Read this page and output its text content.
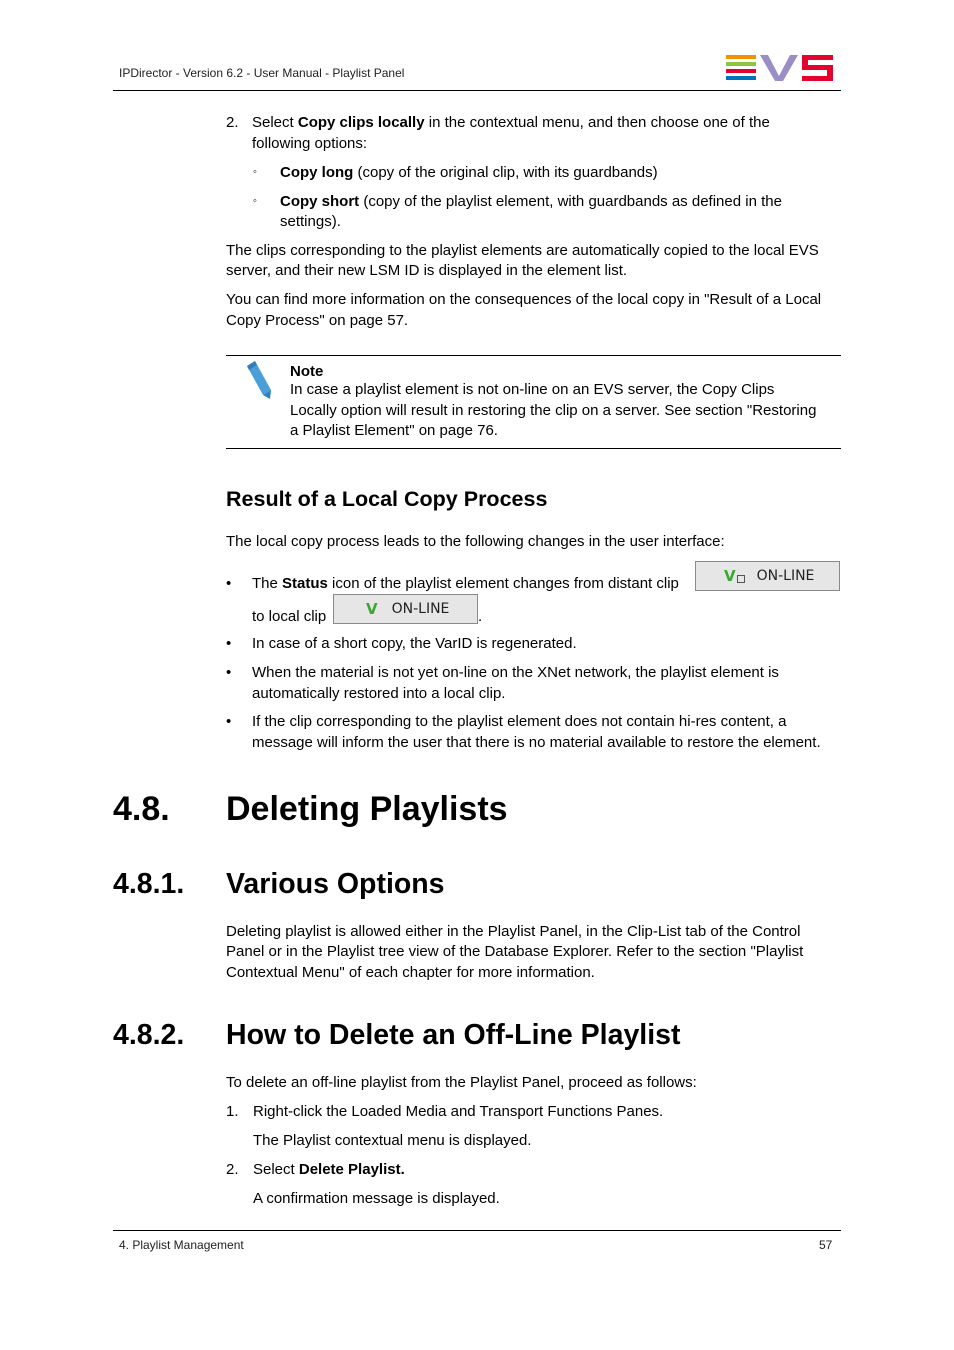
IPDirector - Version 6.2 - User Manual - Playlist Panel
2. Select Copy clips locally in the contextual menu, and then choose one of the
following options:
◦ Copy long (copy of the original clip, with its guardbands)
◦ Copy short (copy of the playlist element, with guardbands as defined in the
settings).
The clips corresponding to the playlist elements are automatically copied to the local EVS
server, and their new LSM ID is displayed in the element list.
You can find more information on the consequences of the local copy in "Result of a Local
Copy Process" on page 57.
Note
In case a playlist element is not on-line on an EVS server, the Copy Clips
Locally option will result in restoring the clip on a server. See section "Restoring
a Playlist Element" on page 76.
Result of a Local Copy Process
The local copy process leads to the following changes in the user interface:
• The Status icon of the playlist element changes from distant clip	V ON-LINE
to local clip	V ON-LINE .
• In case of a short copy, the VarID is regenerated.
• When the material is not yet on-line on the XNet network, the playlist element is
automatically restored into a local clip.
• If the clip corresponding to the playlist element does not contain hi-res content, a
message will inform the user that there is no material available to restore the element.
4.8. Deleting Playlists
4.8.1. Various Options
Deleting playlist is allowed either in the Playlist Panel, in the Clip-List tab of the Control
Panel or in the Playlist tree view of the Database Explorer. Refer to the section "Playlist
Contextual Menu" of each chapter for more information.
4.8.2. How to Delete an Off-Line Playlist
To delete an off-line playlist from the Playlist Panel, proceed as follows:
1. Right-click the Loaded Media and Transport Functions Panes.
The Playlist contextual menu is displayed.
2. Select Delete Playlist.
A confirmation message is displayed.
4. Playlist Management	57
